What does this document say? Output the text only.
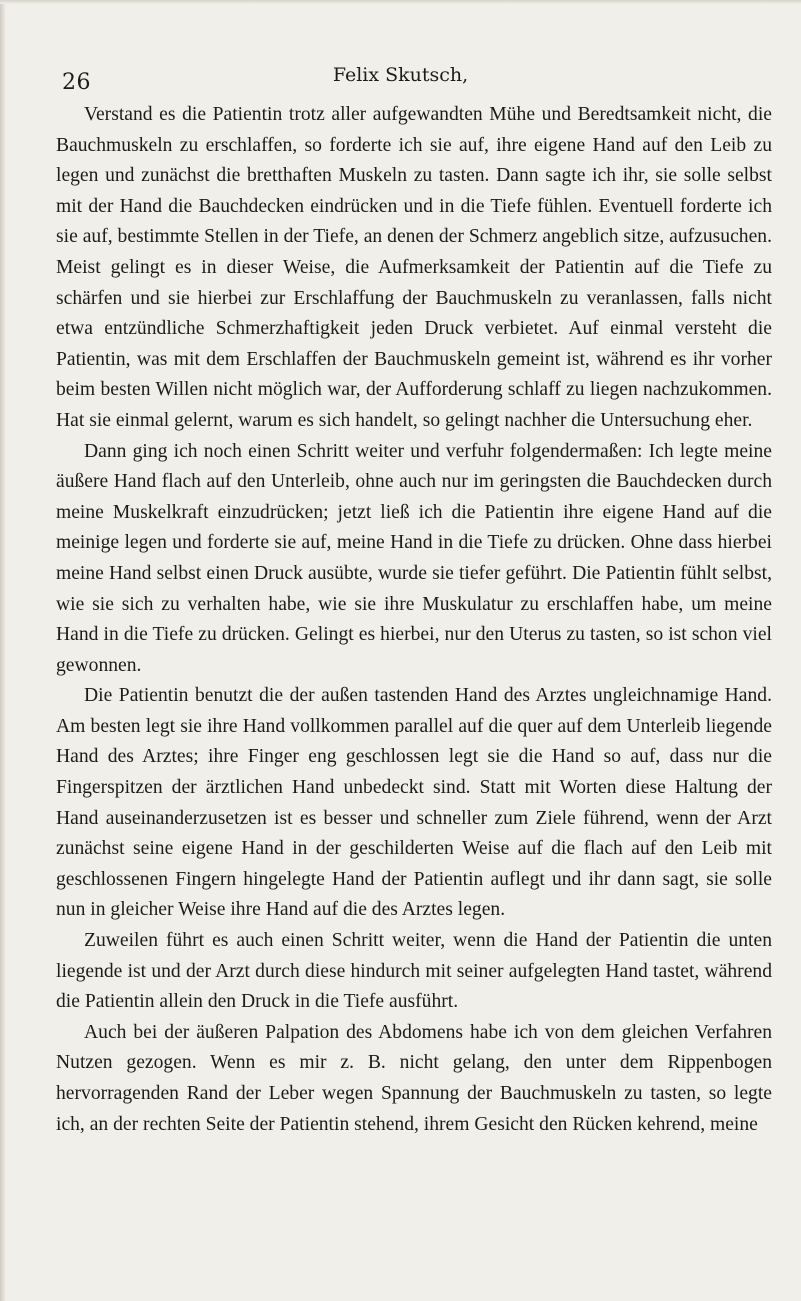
26	Felix Skutsch,

Verstand es die Patientin trotz aller aufgewandten Mühe und Beredtsamkeit nicht, die Bauchmuskeln zu erschlaffen, so forderte ich sie auf, ihre eigene Hand auf den Leib zu legen und zunächst die bretthaften Muskeln zu tasten. Dann sagte ich ihr, sie solle selbst mit der Hand die Bauchdecken eindrücken und in die Tiefe fühlen. Eventuell forderte ich sie auf, bestimmte Stellen in der Tiefe, an denen der Schmerz angeblich sitze, aufzusuchen. Meist gelingt es in dieser Weise, die Aufmerksamkeit der Patientin auf die Tiefe zu schärfen und sie hierbei zur Erschlaffung der Bauchmuskeln zu veranlassen, falls nicht etwa entzündliche Schmerzhaftigkeit jeden Druck verbietet. Auf einmal versteht die Patientin, was mit dem Erschlaffen der Bauchmuskeln gemeint ist, während es ihr vorher beim besten Willen nicht möglich war, der Aufforderung schlaff zu liegen nachzukommen. Hat sie einmal gelernt, warum es sich handelt, so gelingt nachher die Untersuchung eher.

Dann ging ich noch einen Schritt weiter und verfuhr folgendermaßen: Ich legte meine äußere Hand flach auf den Unterleib, ohne auch nur im geringsten die Bauchdecken durch meine Muskelkraft einzudrücken; jetzt ließ ich die Patientin ihre eigene Hand auf die meinige legen und forderte sie auf, meine Hand in die Tiefe zu drücken. Ohne dass hierbei meine Hand selbst einen Druck ausübte, wurde sie tiefer geführt. Die Patientin fühlt selbst, wie sie sich zu verhalten habe, wie sie ihre Muskulatur zu erschlaffen habe, um meine Hand in die Tiefe zu drücken. Gelingt es hierbei, nur den Uterus zu tasten, so ist schon viel gewonnen.

Die Patientin benutzt die der außen tastenden Hand des Arztes ungleichnamige Hand. Am besten legt sie ihre Hand vollkommen parallel auf die quer auf dem Unterleib liegende Hand des Arztes; ihre Finger eng geschlossen legt sie die Hand so auf, dass nur die Fingerspitzen der ärztlichen Hand unbedeckt sind. Statt mit Worten diese Haltung der Hand auseinanderzusetzen ist es besser und schneller zum Ziele führend, wenn der Arzt zunächst seine eigene Hand in der geschilderten Weise auf die flach auf den Leib mit geschlossenen Fingern hingelegte Hand der Patientin auflegt und ihr dann sagt, sie solle nun in gleicher Weise ihre Hand auf die des Arztes legen.

Zuweilen führt es auch einen Schritt weiter, wenn die Hand der Patientin die unten liegende ist und der Arzt durch diese hindurch mit seiner aufgelegten Hand tastet, während die Patientin allein den Druck in die Tiefe ausführt.

Auch bei der äußeren Palpation des Abdomens habe ich von dem gleichen Verfahren Nutzen gezogen. Wenn es mir z. B. nicht gelang, den unter dem Rippenbogen hervorragenden Rand der Leber wegen Spannung der Bauchmuskeln zu tasten, so legte ich, an der rechten Seite der Patientin stehend, ihrem Gesicht den Rücken kehrend, meine
